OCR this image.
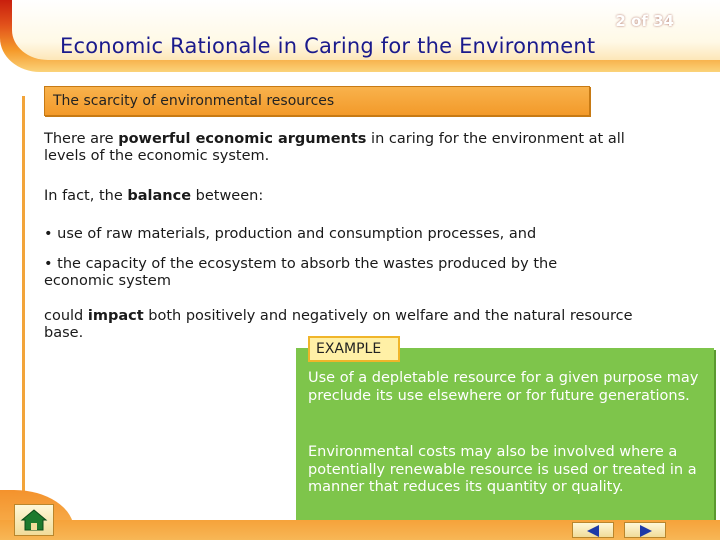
2 of 34
Economic Rationale in Caring for the Environment
The scarcity of environmental resources
There are powerful economic arguments in caring for the environment at all levels of the economic system.
In fact, the balance between:
• use of raw materials, production and consumption processes, and
• the capacity of the ecosystem to absorb the wastes produced by the economic system
could impact both positively and negatively on welfare and the natural resource base.
Use of a depletable resource for a given purpose may preclude its use elsewhere or for future generations.
Environmental costs may also be involved where a potentially renewable resource is used or treated in a manner that reduces its quantity or quality.
EXAMPLE
